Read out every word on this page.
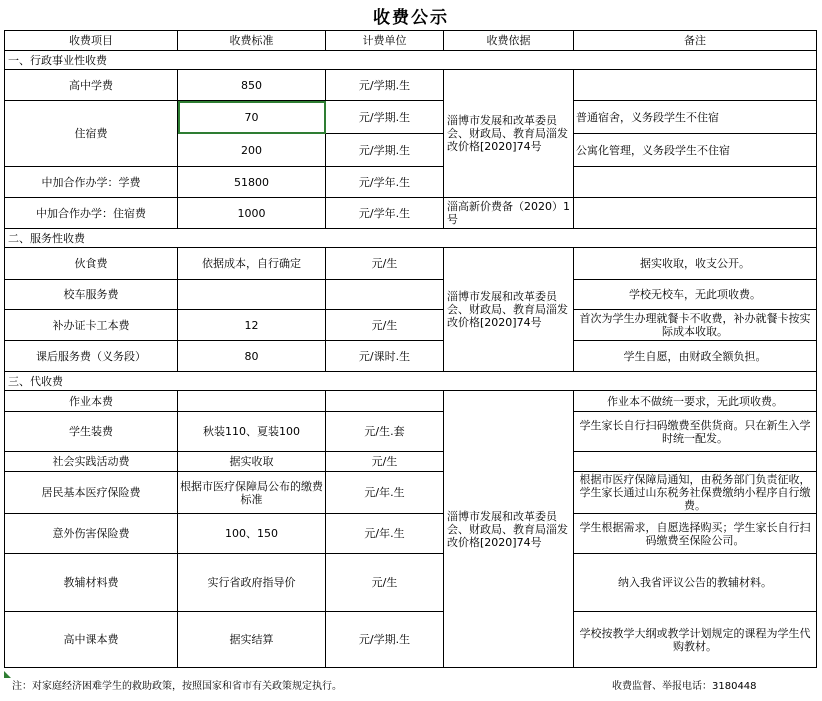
收费公示
收费项目	收费标准	计费单位	收费依据	备注
一、行政事业性收费				
高中学费	850	元/学期.生	淄博市发展和改革委员会、财政局、教育局淄发改价格[2020]74号	
住宿费	70	元/学期.生		普通宿舍，义务段学生不住宿
	200	元/学期.生		公寓化管理，义务段学生不住宿
中加合作办学：学费	51800	元/学年.生		
中加合作办学：住宿费	1000	元/学年.生	淄高新价费备（2020）1号	
二、服务性收费				
伙食费	依据成本，自行确定	元/生	淄博市发展和改革委员会、财政局、教育局淄发改价格[2020]74号	据实收取，收支公开。
校车服务费				学校无校车，无此项收费。
补办证卡工本费	12	元/生		首次为学生办理就餐卡不收费，补办就餐卡按实际成本收取。
课后服务费（义务段）	80	元/课时.生		学生自愿，由财政全额负担。
三、代收费				
作业本费			淄博市发展和改革委员会、财政局、教育局淄发改价格[2020]74号	作业本不做统一要求，无此项收费。
学生装费	秋装110、夏装100	元/生.套		学生家长自行扫码缴费至供货商。只在新生入学时统一配发。
社会实践活动费	据实收取	元/生		
居民基本医疗保险费	根据市医疗保障局公布的缴费标准	元/年.生		根据市医疗保障局通知，由税务部门负责征收，学生家长通过山东税务社保费缴纳小程序自行缴费。
意外伤害保险费	100、150	元/年.生		学生根据需求，自愿选择购买；学生家长自行扫码缴费至保险公司。
教辅材料费	实行省政府指导价	元/生		纳入我省评议公告的教辅材料。
高中课本费	据实结算	元/学期.生		学校按教学大纲或教学计划规定的课程为学生代购教材。
注：对家庭经济困难学生的救助政策，按照国家和省市有关政策规定执行。	收费监督、举报电话：3180448
